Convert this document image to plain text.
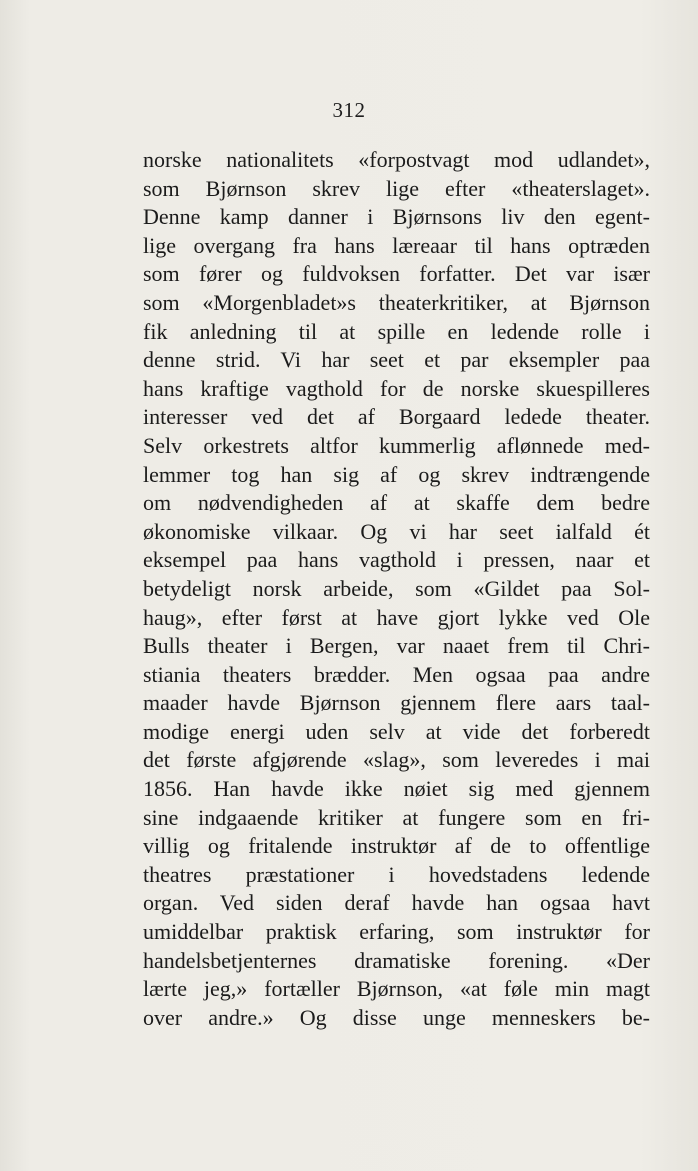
312
norske nationalitets «forpostvagt mod udlandet»,
som Bjørnson skrev lige efter «theaterslaget».
Denne kamp danner i Bjørnsons liv den egent-
lige overgang fra hans læreaar til hans optræden
som fører og fuldvoksen forfatter. Det var især
som «Morgenbladet»s theaterkritiker, at Bjørnson
fik anledning til at spille en ledende rolle i
denne strid. Vi har seet et par eksempler paa
hans kraftige vagthold for de norske skuespilleres
interesser ved det af Borgaard ledede theater.
Selv orkestrets altfor kummerlig aflønnede med-
lemmer tog han sig af og skrev indtrængende
om nødvendigheden af at skaffe dem bedre
økonomiske vilkaar. Og vi har seet ialfald ét
eksempel paa hans vagthold i pressen, naar et
betydeligt norsk arbeide, som «Gildet paa Sol-
haug», efter først at have gjort lykke ved Ole
Bulls theater i Bergen, var naaet frem til Chri-
stiania theaters brædder. Men ogsaa paa andre
maader havde Bjørnson gjennem flere aars taal-
modige energi uden selv at vide det forberedt
det første afgjørende «slag», som leveredes i mai
1856. Han havde ikke nøiet sig med gjennem
sine indgaaende kritiker at fungere som en fri-
villig og fritalende instruktør af de to offentlige
theatres præstationer i hovedstadens ledende
organ. Ved siden deraf havde han ogsaa havt
umiddelbar praktisk erfaring, som instruktør for
handelsbetjenternes dramatiske forening. «Der
lærte jeg,» fortæller Bjørnson, «at føle min magt
over andre.» Og disse unge menneskers be-
